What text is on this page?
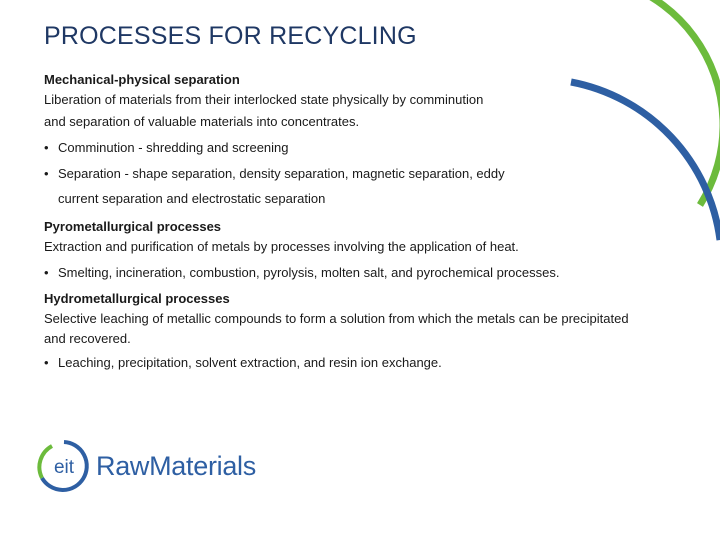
PROCESSES FOR RECYCLING
Mechanical-physical separation
Liberation of materials from their interlocked state physically by comminution
and separation of valuable materials into concentrates.
• Comminution - shredding and screening
• Separation - shape separation, density separation, magnetic separation, eddy current separation and electrostatic separation
Pyrometallurgical processes
Extraction and purification of metals by processes involving the application of heat.
• Smelting, incineration, combustion, pyrolysis, molten salt, and pyrochemical processes.
Hydrometallurgical processes
Selective leaching of metallic compounds to form a solution from which the metals can be precipitated and recovered.
• Leaching, precipitation, solvent extraction, and resin ion exchange.
eit RawMaterials
